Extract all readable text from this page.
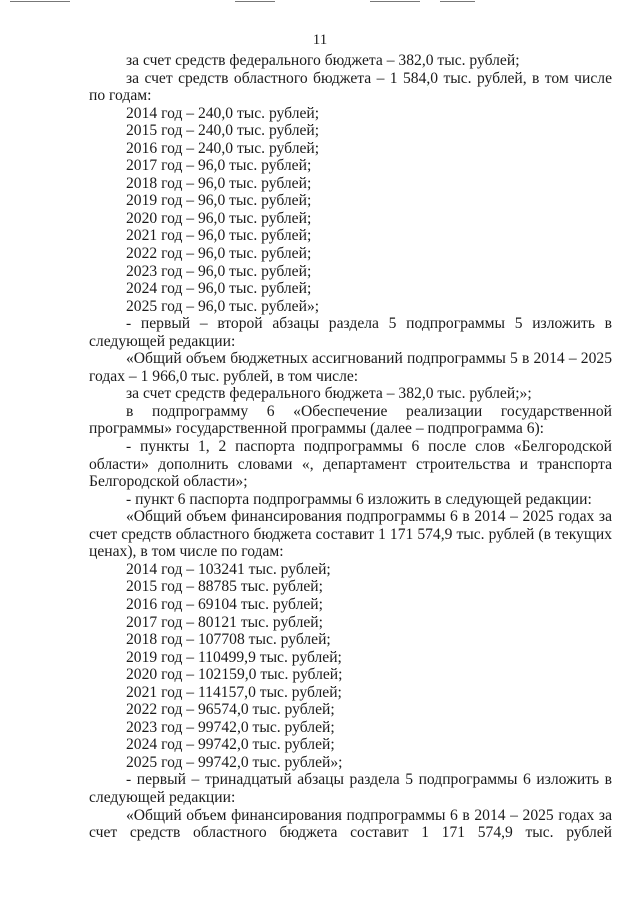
11

за счет средств федерального бюджета – 382,0 тыс. рублей;

за счет средств областного бюджета – 1 584,0 тыс. рублей, в том числе по годам:

2014 год – 240,0 тыс. рублей;

2015 год – 240,0 тыс. рублей;

2016 год – 240,0 тыс. рублей;

2017 год – 96,0 тыс. рублей;

2018 год – 96,0 тыс. рублей;

2019 год – 96,0 тыс. рублей;

2020 год – 96,0 тыс. рублей;

2021 год – 96,0 тыс. рублей;

2022 год – 96,0 тыс. рублей;

2023 год – 96,0 тыс. рублей;

2024 год – 96,0 тыс. рублей;

2025 год – 96,0 тыс. рублей»;

- первый – второй абзацы раздела 5 подпрограммы 5 изложить в следующей редакции:

«Общий объем бюджетных ассигнований подпрограммы 5 в 2014 – 2025 годах – 1 966,0 тыс. рублей, в том числе:

за счет средств федерального бюджета – 382,0 тыс. рублей;»;

в подпрограмму 6 «Обеспечение реализации государственной программы» государственной программы (далее – подпрограмма 6):

- пункты 1, 2 паспорта подпрограммы 6 после слов «Белгородской области» дополнить словами «, департамент строительства и транспорта Белгородской области»;

- пункт 6 паспорта подпрограммы 6 изложить в следующей редакции:

«Общий объем финансирования подпрограммы 6 в 2014 – 2025 годах за счет средств областного бюджета составит 1 171 574,9 тыс. рублей (в текущих ценах), в том числе по годам:

2014 год – 103241 тыс. рублей;

2015 год – 88785 тыс. рублей;

2016 год – 69104 тыс. рублей;

2017 год – 80121 тыс. рублей;

2018 год – 107708 тыс. рублей;

2019 год – 110499,9 тыс. рублей;

2020 год – 102159,0 тыс. рублей;

2021 год – 114157,0 тыс. рублей;

2022 год – 96574,0 тыс. рублей;

2023 год – 99742,0 тыс. рублей;

2024 год – 99742,0 тыс. рублей;

2025 год – 99742,0 тыс. рублей»;

- первый – тринадцатый абзацы раздела 5 подпрограммы 6 изложить в следующей редакции:

«Общий объем финансирования подпрограммы 6 в 2014 – 2025 годах за счет средств областного бюджета составит 1 171 574,9 тыс. рублей
